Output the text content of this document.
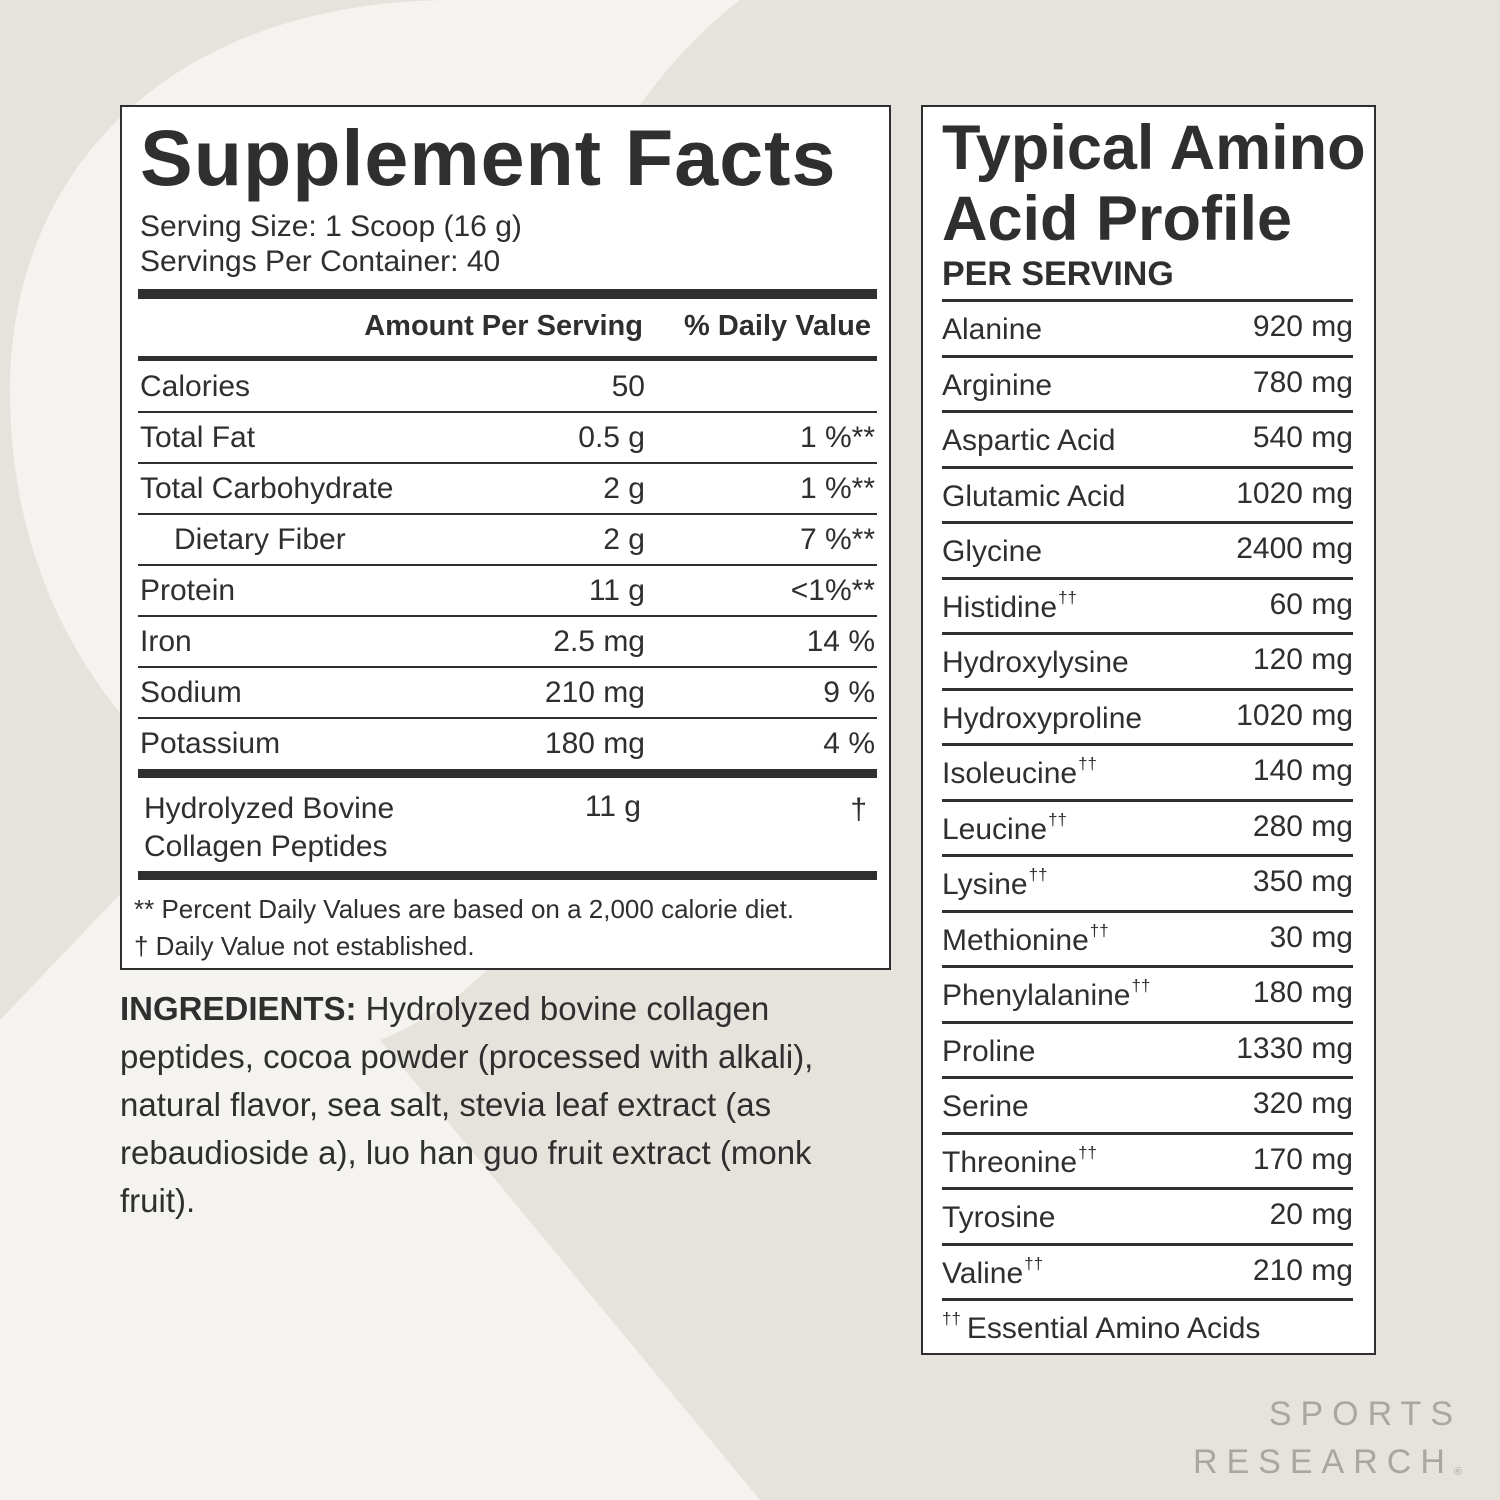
Supplement Facts
Serving Size: 1 Scoop (16 g)
Servings Per Container: 40
Amount Per Serving % Daily Value
Calories	50
Total Fat	0.5 g	1 %**
Total Carbohydrate	2 g	1 %**
Dietary Fiber	2 g	7 %**
Protein	11 g	<1%**
Iron	2.5 mg	14 %
Sodium	210 mg	9 %
Potassium	180 mg	4 %
Hydrolyzed Bovine
Collagen Peptides
11 g	†
** Percent Daily Values are based on a 2,000 calorie diet.
† Daily Value not established.

INGREDIENTS: Hydrolyzed bovine collagen peptides, cocoa powder (processed with alkali), natural flavor, sea salt, stevia leaf extract (as rebaudioside a), luo han guo fruit extract (monk fruit).

Typical Amino
Acid Profile
PER SERVING
Alanine	920 mg
Arginine	780 mg
Aspartic Acid	540 mg
Glutamic Acid	1020 mg
Glycine	2400 mg
Histidine††	60 mg
Hydroxylysine	120 mg
Hydroxyproline	1020 mg
Isoleucine††	140 mg
Leucine††	280 mg
Lysine††	350 mg
Methionine††	30 mg
Phenylalanine††	180 mg
Proline	1330 mg
Serine	320 mg
Threonine††	170 mg
Tyrosine	20 mg
Valine††	210 mg
†† Essential Amino Acids
SPORTS
RESEARCH®
